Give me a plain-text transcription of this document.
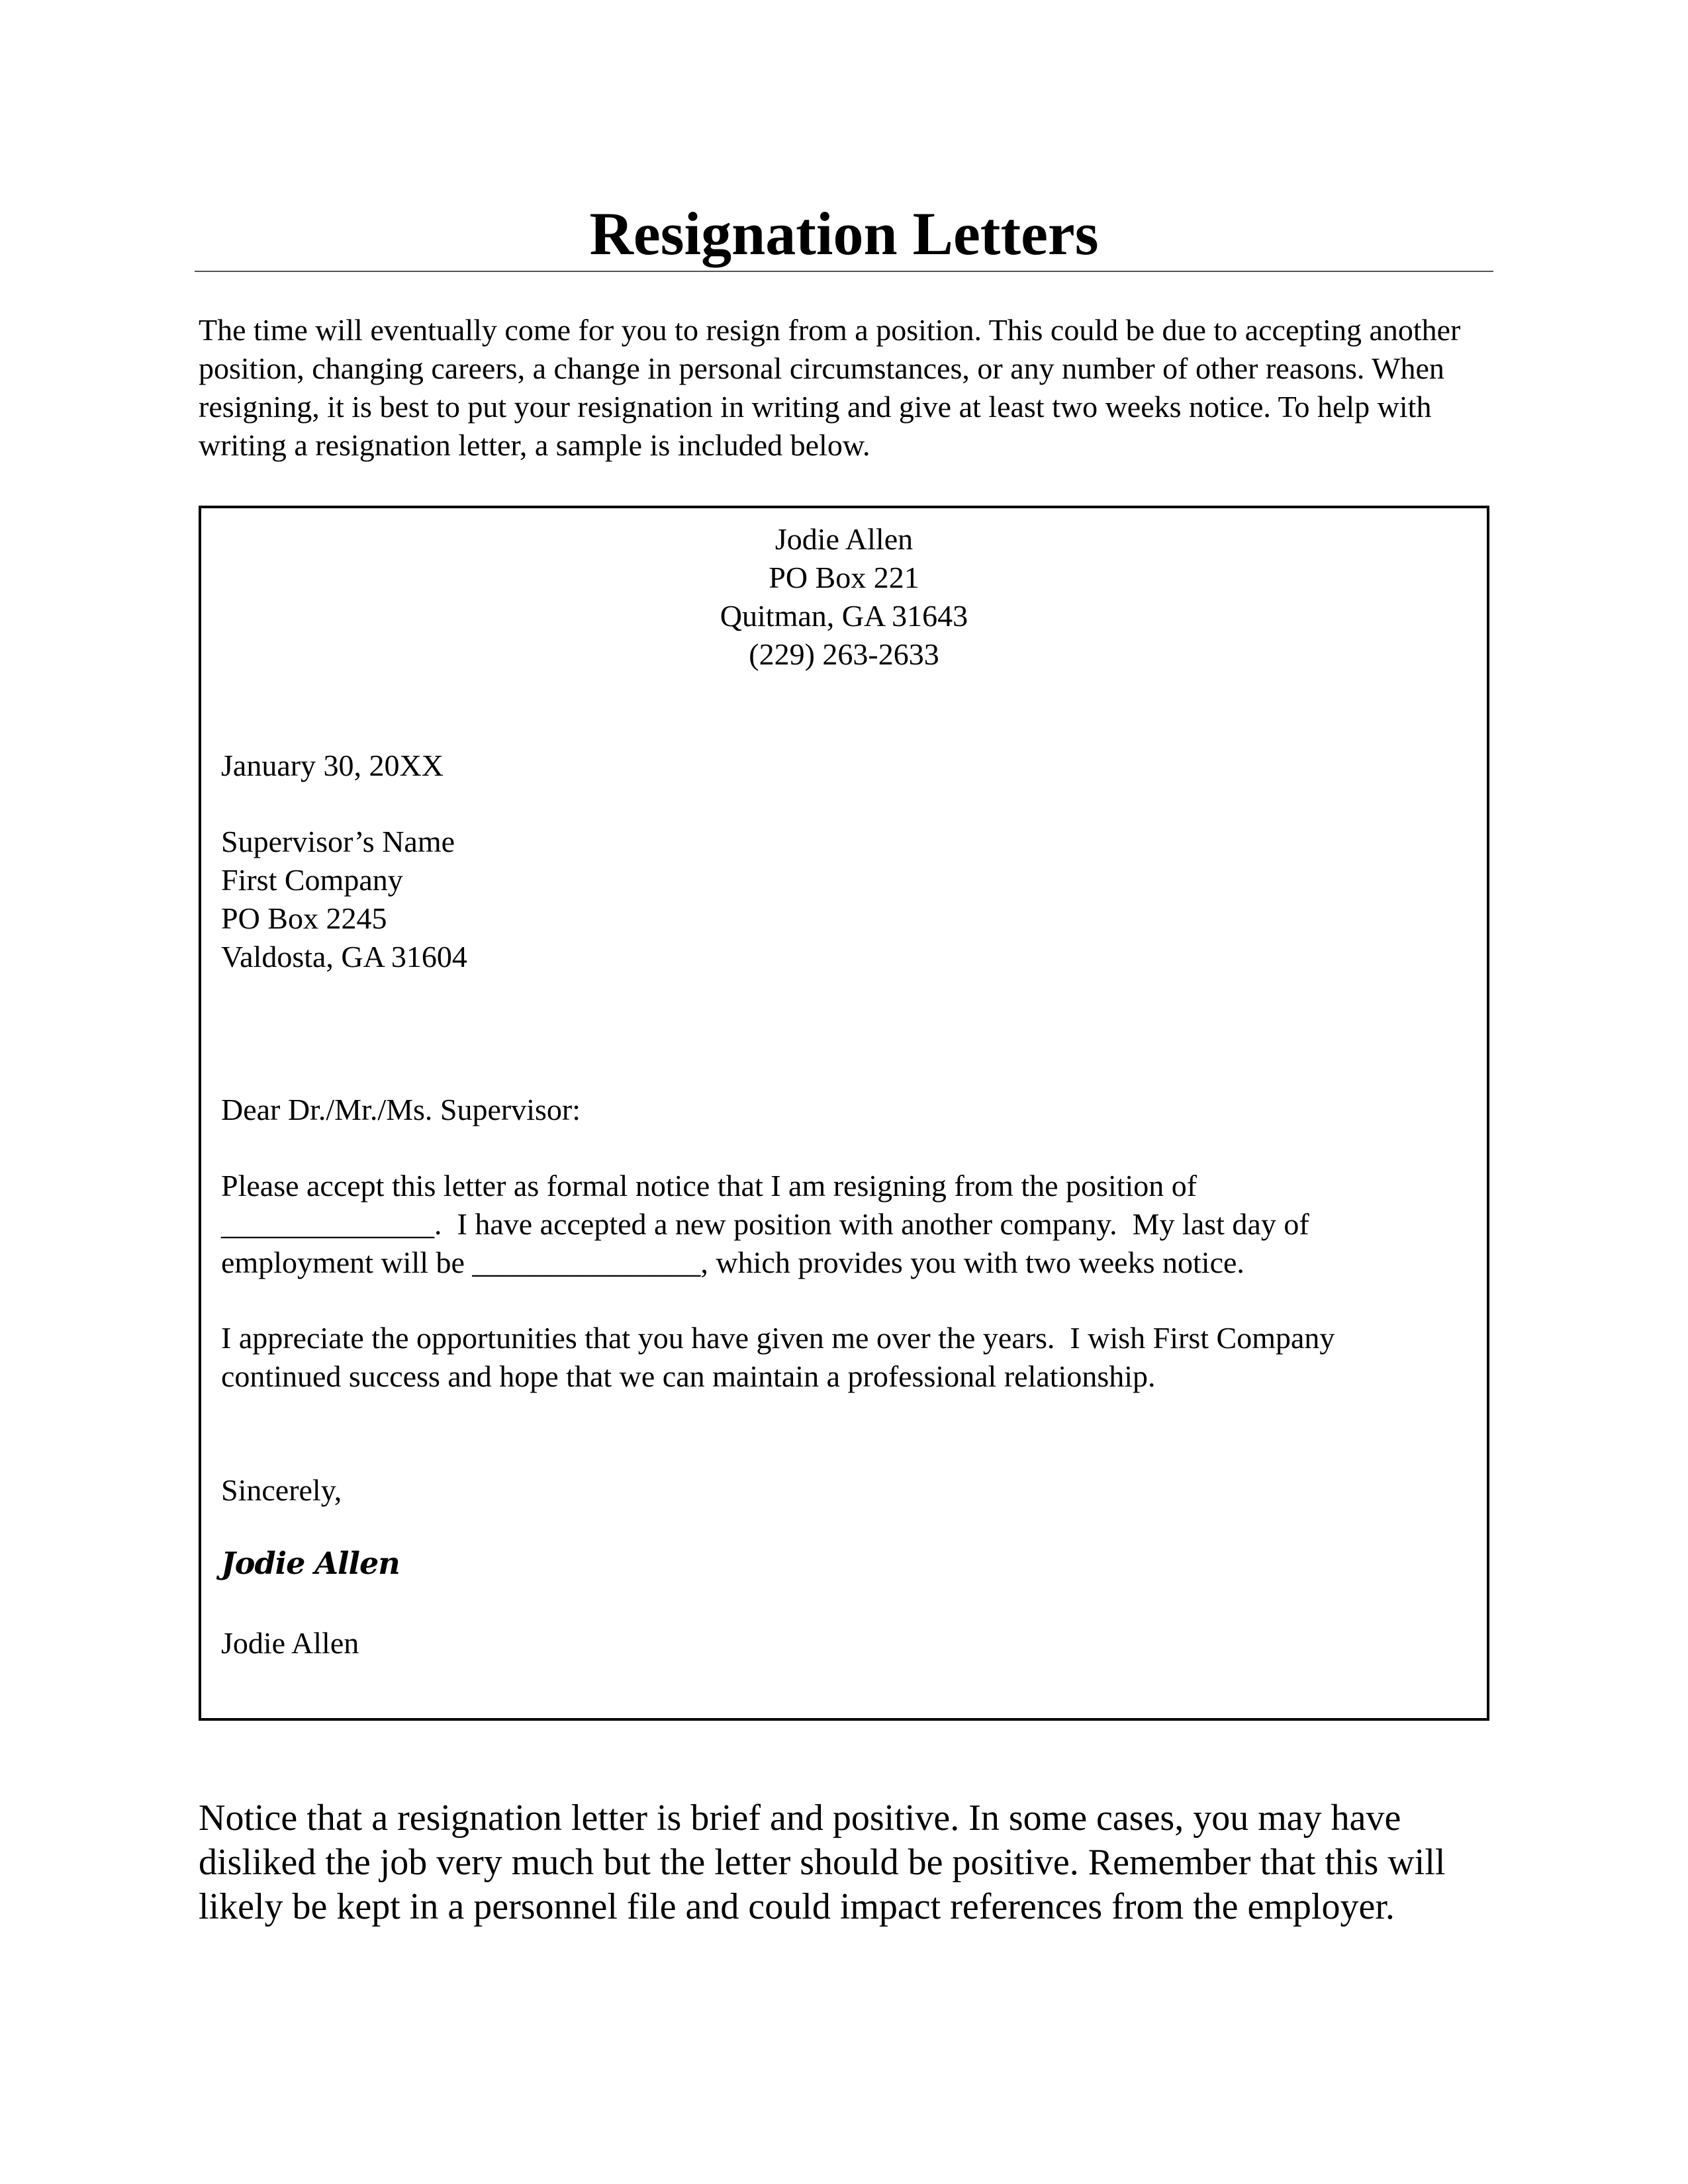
Resignation Letters

The time will eventually come for you to resign from a position. This could be due to accepting another position, changing careers, a change in personal circumstances, or any number of other reasons. When resigning, it is best to put your resignation in writing and give at least two weeks notice. To help with writing a resignation letter, a sample is included below.

Jodie Allen
PO Box 221
Quitman, GA 31643
(229) 263-2633
January 30, 20XX
Supervisor’s Name
First Company
PO Box 2245
Valdosta, GA 31604
Dear Dr./Mr./Ms. Supervisor:
Please accept this letter as formal notice that I am resigning from the position of
______________.  I have accepted a new position with another company.  My last day of
employment will be _______________, which provides you with two weeks notice.
I appreciate the opportunities that you have given me over the years.  I wish First Company
continued success and hope that we can maintain a professional relationship.
Sincerely,
Jodie Allen
Jodie Allen

Notice that a resignation letter is brief and positive. In some cases, you may have disliked the job very much but the letter should be positive. Remember that this will likely be kept in a personnel file and could impact references from the employer.
